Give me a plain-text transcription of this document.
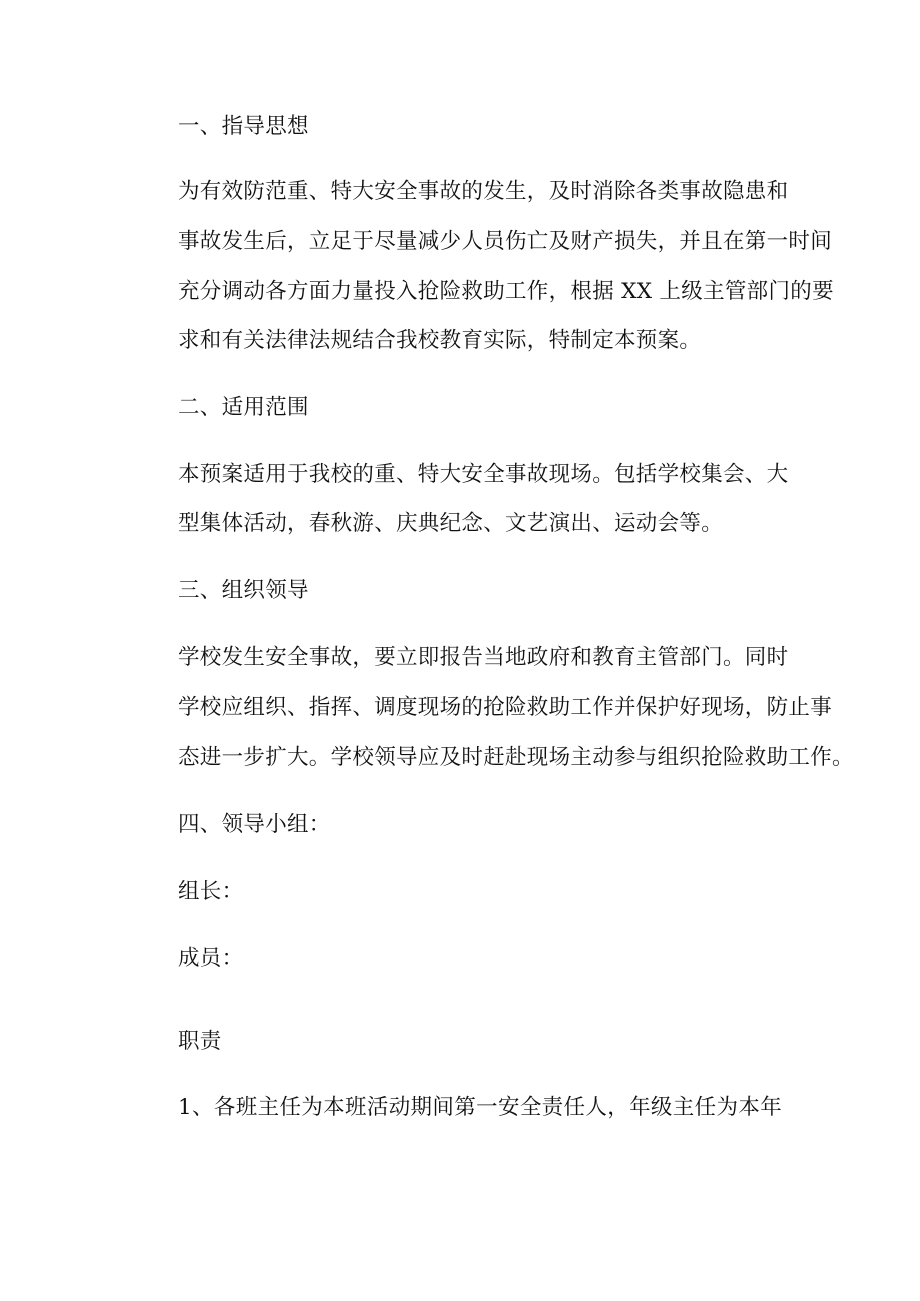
一、指导思想
为有效防范重、特大安全事故的发生，及时消除各类事故隐患和
事故发生后，立足于尽量减少人员伤亡及财产损失，并且在第一时间
充分调动各方面力量投入抢险救助工作，根据 XX 上级主管部门的要
求和有关法律法规结合我校教育实际，特制定本预案。
二、适用范围
本预案适用于我校的重、特大安全事故现场。包括学校集会、大
型集体活动，春秋游、庆典纪念、文艺演出、运动会等。
三、组织领导
学校发生安全事故，要立即报告当地政府和教育主管部门。同时
学校应组织、指挥、调度现场的抢险救助工作并保护好现场，防止事
态进一步扩大。学校领导应及时赶赴现场主动参与组织抢险救助工作。
四、领导小组：
组长：
成员：
职责
1、各班主任为本班活动期间第一安全责任人，年级主任为本年
